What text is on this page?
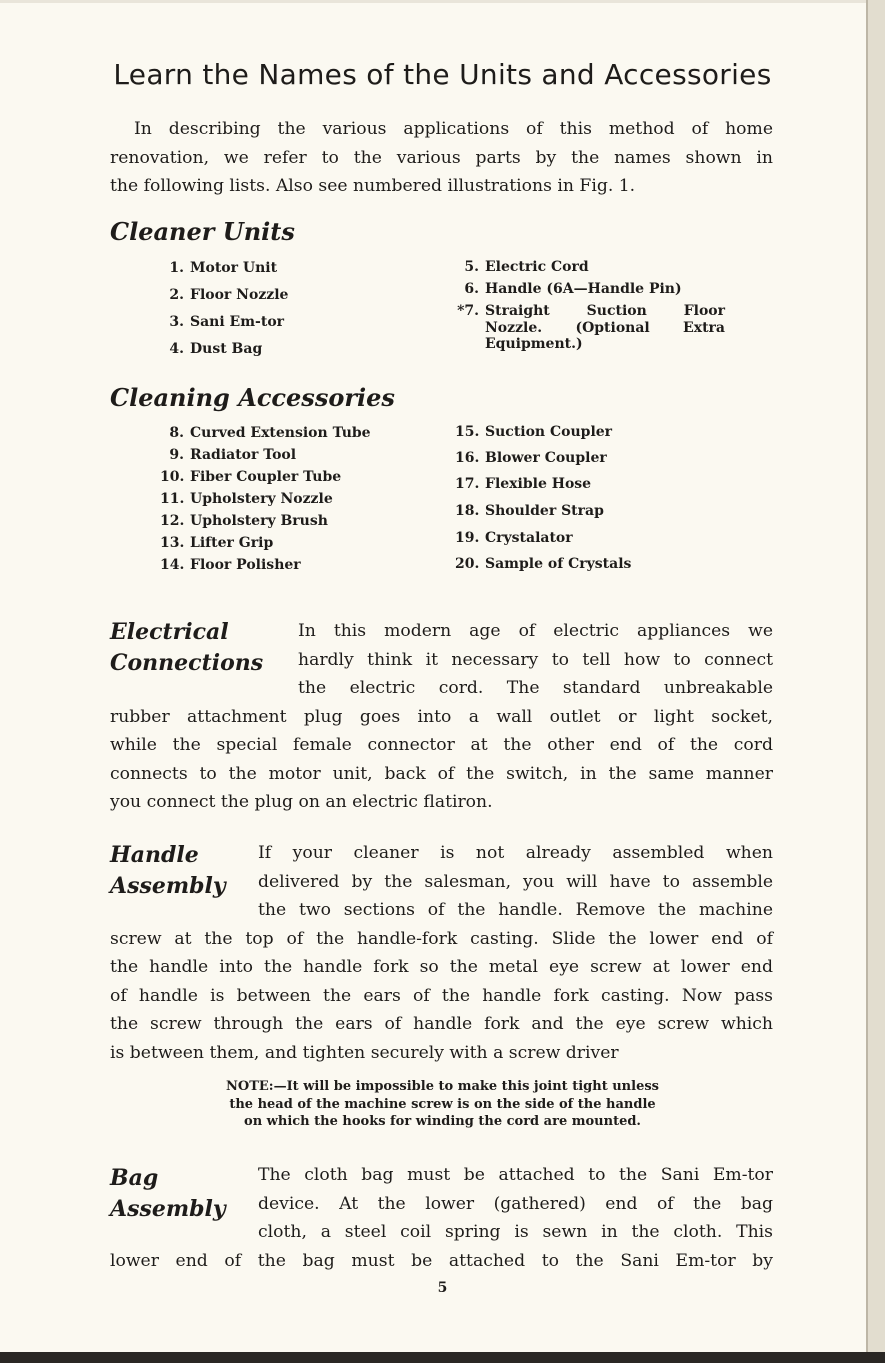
Learn the Names of the Units and Accessories
In describing the various applications of this method of home
renovation, we refer to the various parts by the names shown in
the following lists. Also see numbered illustrations in Fig. 1.
Cleaner Units
1. Motor Unit
2. Floor Nozzle
3. Sani Em-tor
4. Dust Bag
5. Electric Cord
6. Handle (6A—Handle Pin)
*7. Straight Suction Floor
Nozzle. (Optional Extra
Equipment.)
Cleaning Accessories
8. Curved Extension Tube
9. Radiator Tool
10. Fiber Coupler Tube
11. Upholstery Nozzle
12. Upholstery Brush
13. Lifter Grip
14. Floor Polisher
15. Suction Coupler
16. Blower Coupler
17. Flexible Hose
18. Shoulder Strap
19. Crystalator
20. Sample of Crystals
Electrical
Connections
In this modern age of electric appliances we
hardly think it necessary to tell how to connect
the electric cord. The standard unbreakable
rubber attachment plug goes into a wall outlet or light socket,
while the special female connector at the other end of the cord
connects to the motor unit, back of the switch, in the same manner
you connect the plug on an electric flatiron.
Handle
Assembly
If your cleaner is not already assembled when
delivered by the salesman, you will have to assemble
the two sections of the handle. Remove the machine
screw at the top of the handle-fork casting. Slide the lower end of
the handle into the handle fork so the metal eye screw at lower end
of handle is between the ears of the handle fork casting. Now pass
the screw through the ears of handle fork and the eye screw which
is between them, and tighten securely with a screw driver
NOTE:—It will be impossible to make this joint tight unless
the head of the machine screw is on the side of the handle
on which the hooks for winding the cord are mounted.
Bag
Assembly
The cloth bag must be attached to the Sani Em-tor
device. At the lower (gathered) end of the bag
cloth, a steel coil spring is sewn in the cloth. This
lower end of the bag must be attached to the Sani Em-tor by
5
